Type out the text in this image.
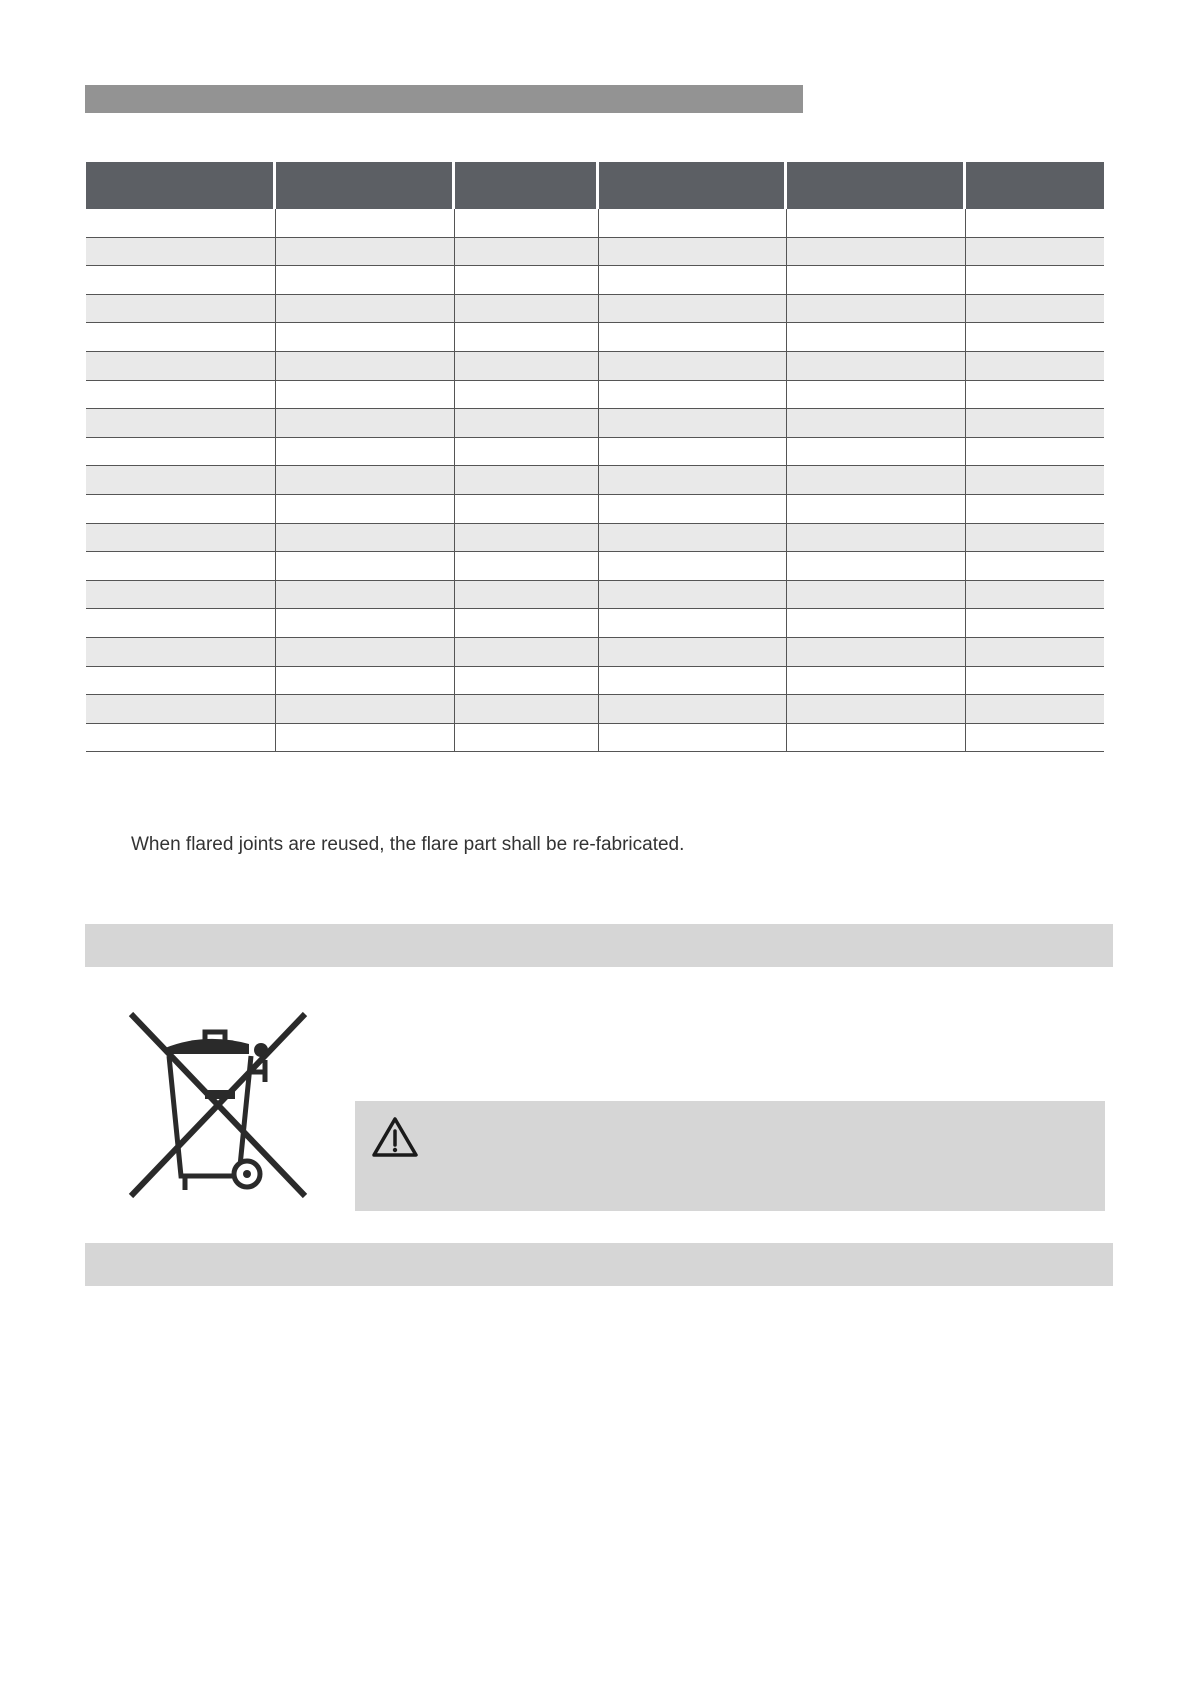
When flared joints are reused, the flare part shall be re-fabricated.
